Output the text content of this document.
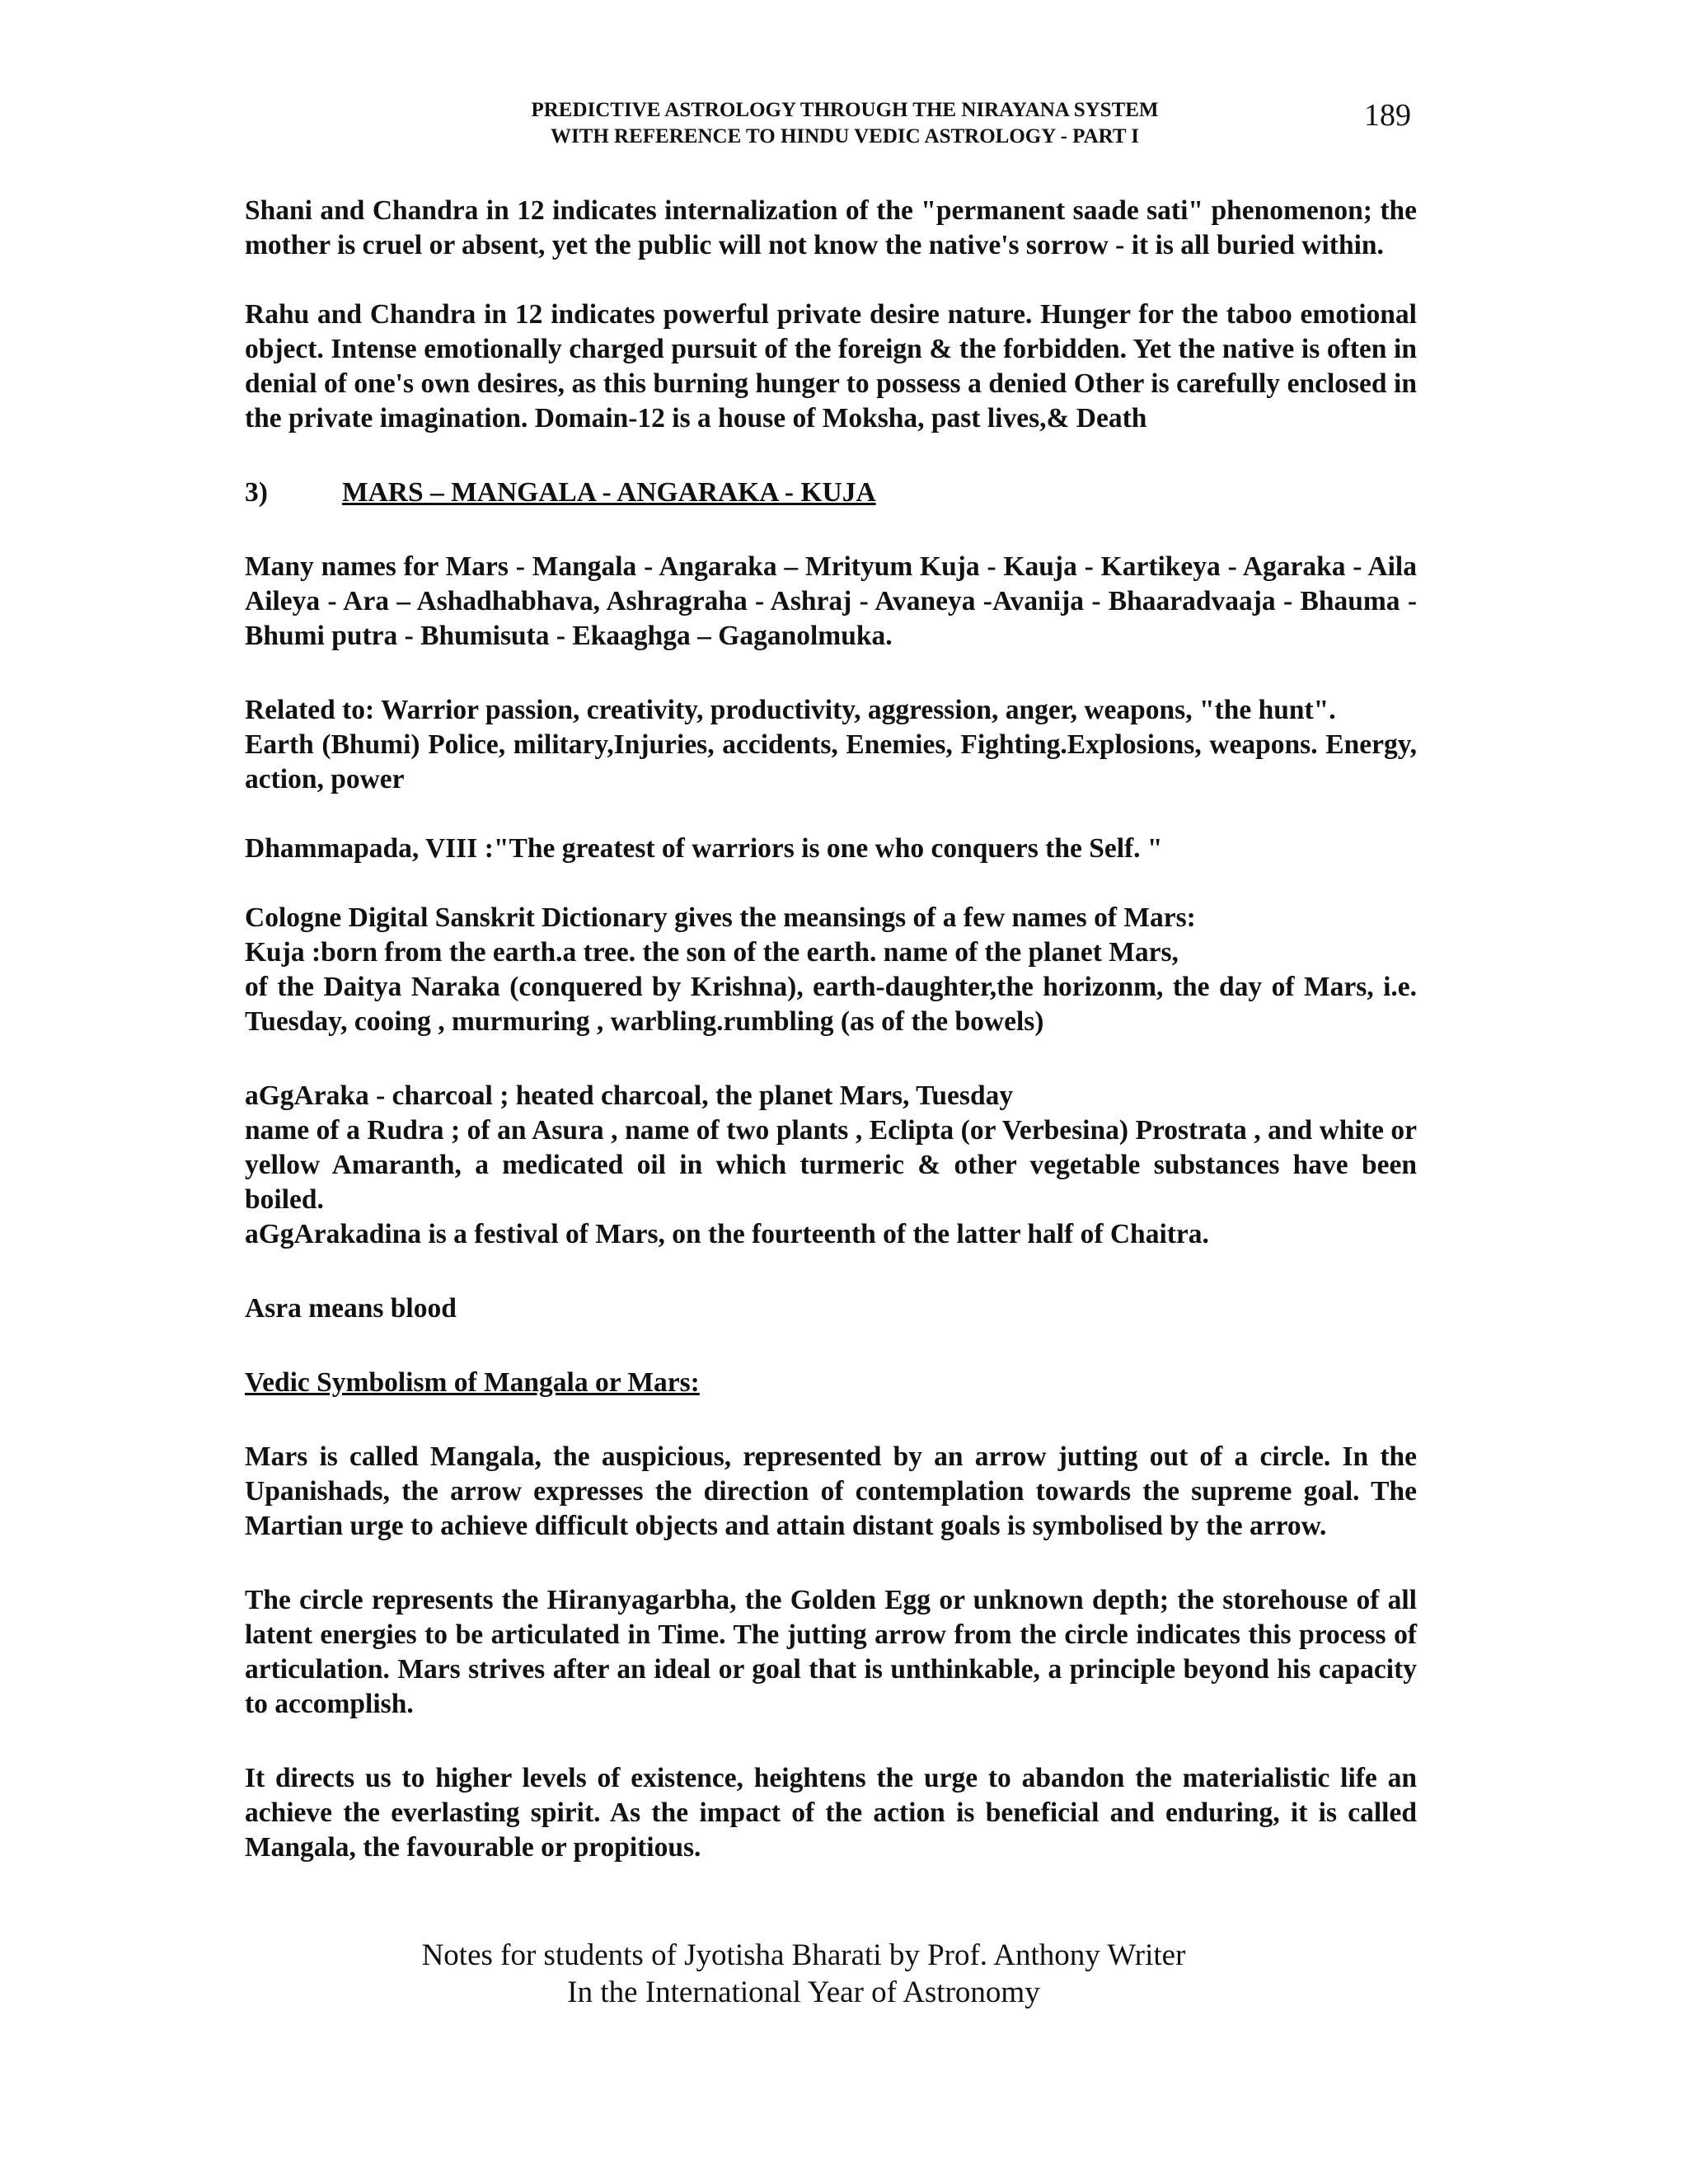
PREDICTIVE ASTROLOGY THROUGH THE NIRAYANA SYSTEM
WITH REFERENCE TO HINDU VEDIC ASTROLOGY - PART I
189

Shani and Chandra in 12 indicates internalization of the "permanent saade sati" phenomenon; the mother is cruel or absent, yet the public will not know the native's sorrow - it is all buried within.

Rahu and Chandra in 12 indicates powerful private desire nature. Hunger for the taboo emotional object. Intense emotionally charged pursuit of the foreign & the forbidden. Yet the native is often in denial of one's own desires, as this burning hunger to possess a denied Other is carefully enclosed in the private imagination. Domain-12 is a house of Moksha, past lives,& Death

3)	MARS – MANGALA - ANGARAKA - KUJA

Many names for Mars - Mangala - Angaraka – Mrityum Kuja - Kauja - Kartikeya - Agaraka - Aila Aileya - Ara – Ashadhabhava, Ashragraha - Ashraj - Avaneya -Avanija - Bhaaradvaaja - Bhauma - Bhumi putra - Bhumisuta - Ekaaghga – Gaganolmuka.

Related to: Warrior passion, creativity, productivity, aggression, anger, weapons, "the hunt".

Earth (Bhumi) Police, military,Injuries, accidents, Enemies, Fighting.Explosions, weapons. Energy, action, power

Dhammapada, VIII :"The greatest of warriors is one who conquers the Self. "

Cologne Digital Sanskrit Dictionary gives the meansings of a few names of Mars:

Kuja :born from the earth.a tree. the son of the earth. name of the planet Mars,

of the Daitya Naraka (conquered by Krishna), earth-daughter,the horizonm, the day of Mars, i.e. Tuesday, cooing , murmuring , warbling.rumbling (as of the bowels)

aGgAraka - charcoal ; heated charcoal, the planet Mars, Tuesday

name of a Rudra ; of an Asura , name of two plants , Eclipta (or Verbesina) Prostrata , and white or yellow Amaranth, a medicated oil in which turmeric & other vegetable substances have been boiled.

aGgArakadina is a festival of Mars, on the fourteenth of the latter half of Chaitra.

Asra means blood

Vedic Symbolism of Mangala or Mars:

Mars is called Mangala, the auspicious, represented by an arrow jutting out of a circle. In the Upanishads, the arrow expresses the direction of contemplation towards the supreme goal. The Martian urge to achieve difficult objects and attain distant goals is symbolised by the arrow.

The circle represents the Hiranyagarbha, the Golden Egg or unknown depth; the storehouse of all latent energies to be articulated in Time. The jutting arrow from the circle indicates this process of articulation. Mars strives after an ideal or goal that is unthinkable, a principle beyond his capacity to accomplish.

It directs us to higher levels of existence, heightens the urge to abandon the materialistic life an achieve the everlasting spirit. As the impact of the action is beneficial and enduring, it is called Mangala, the favourable or propitious.

Notes for students of Jyotisha Bharati by Prof. Anthony Writer
In the International Year of Astronomy
